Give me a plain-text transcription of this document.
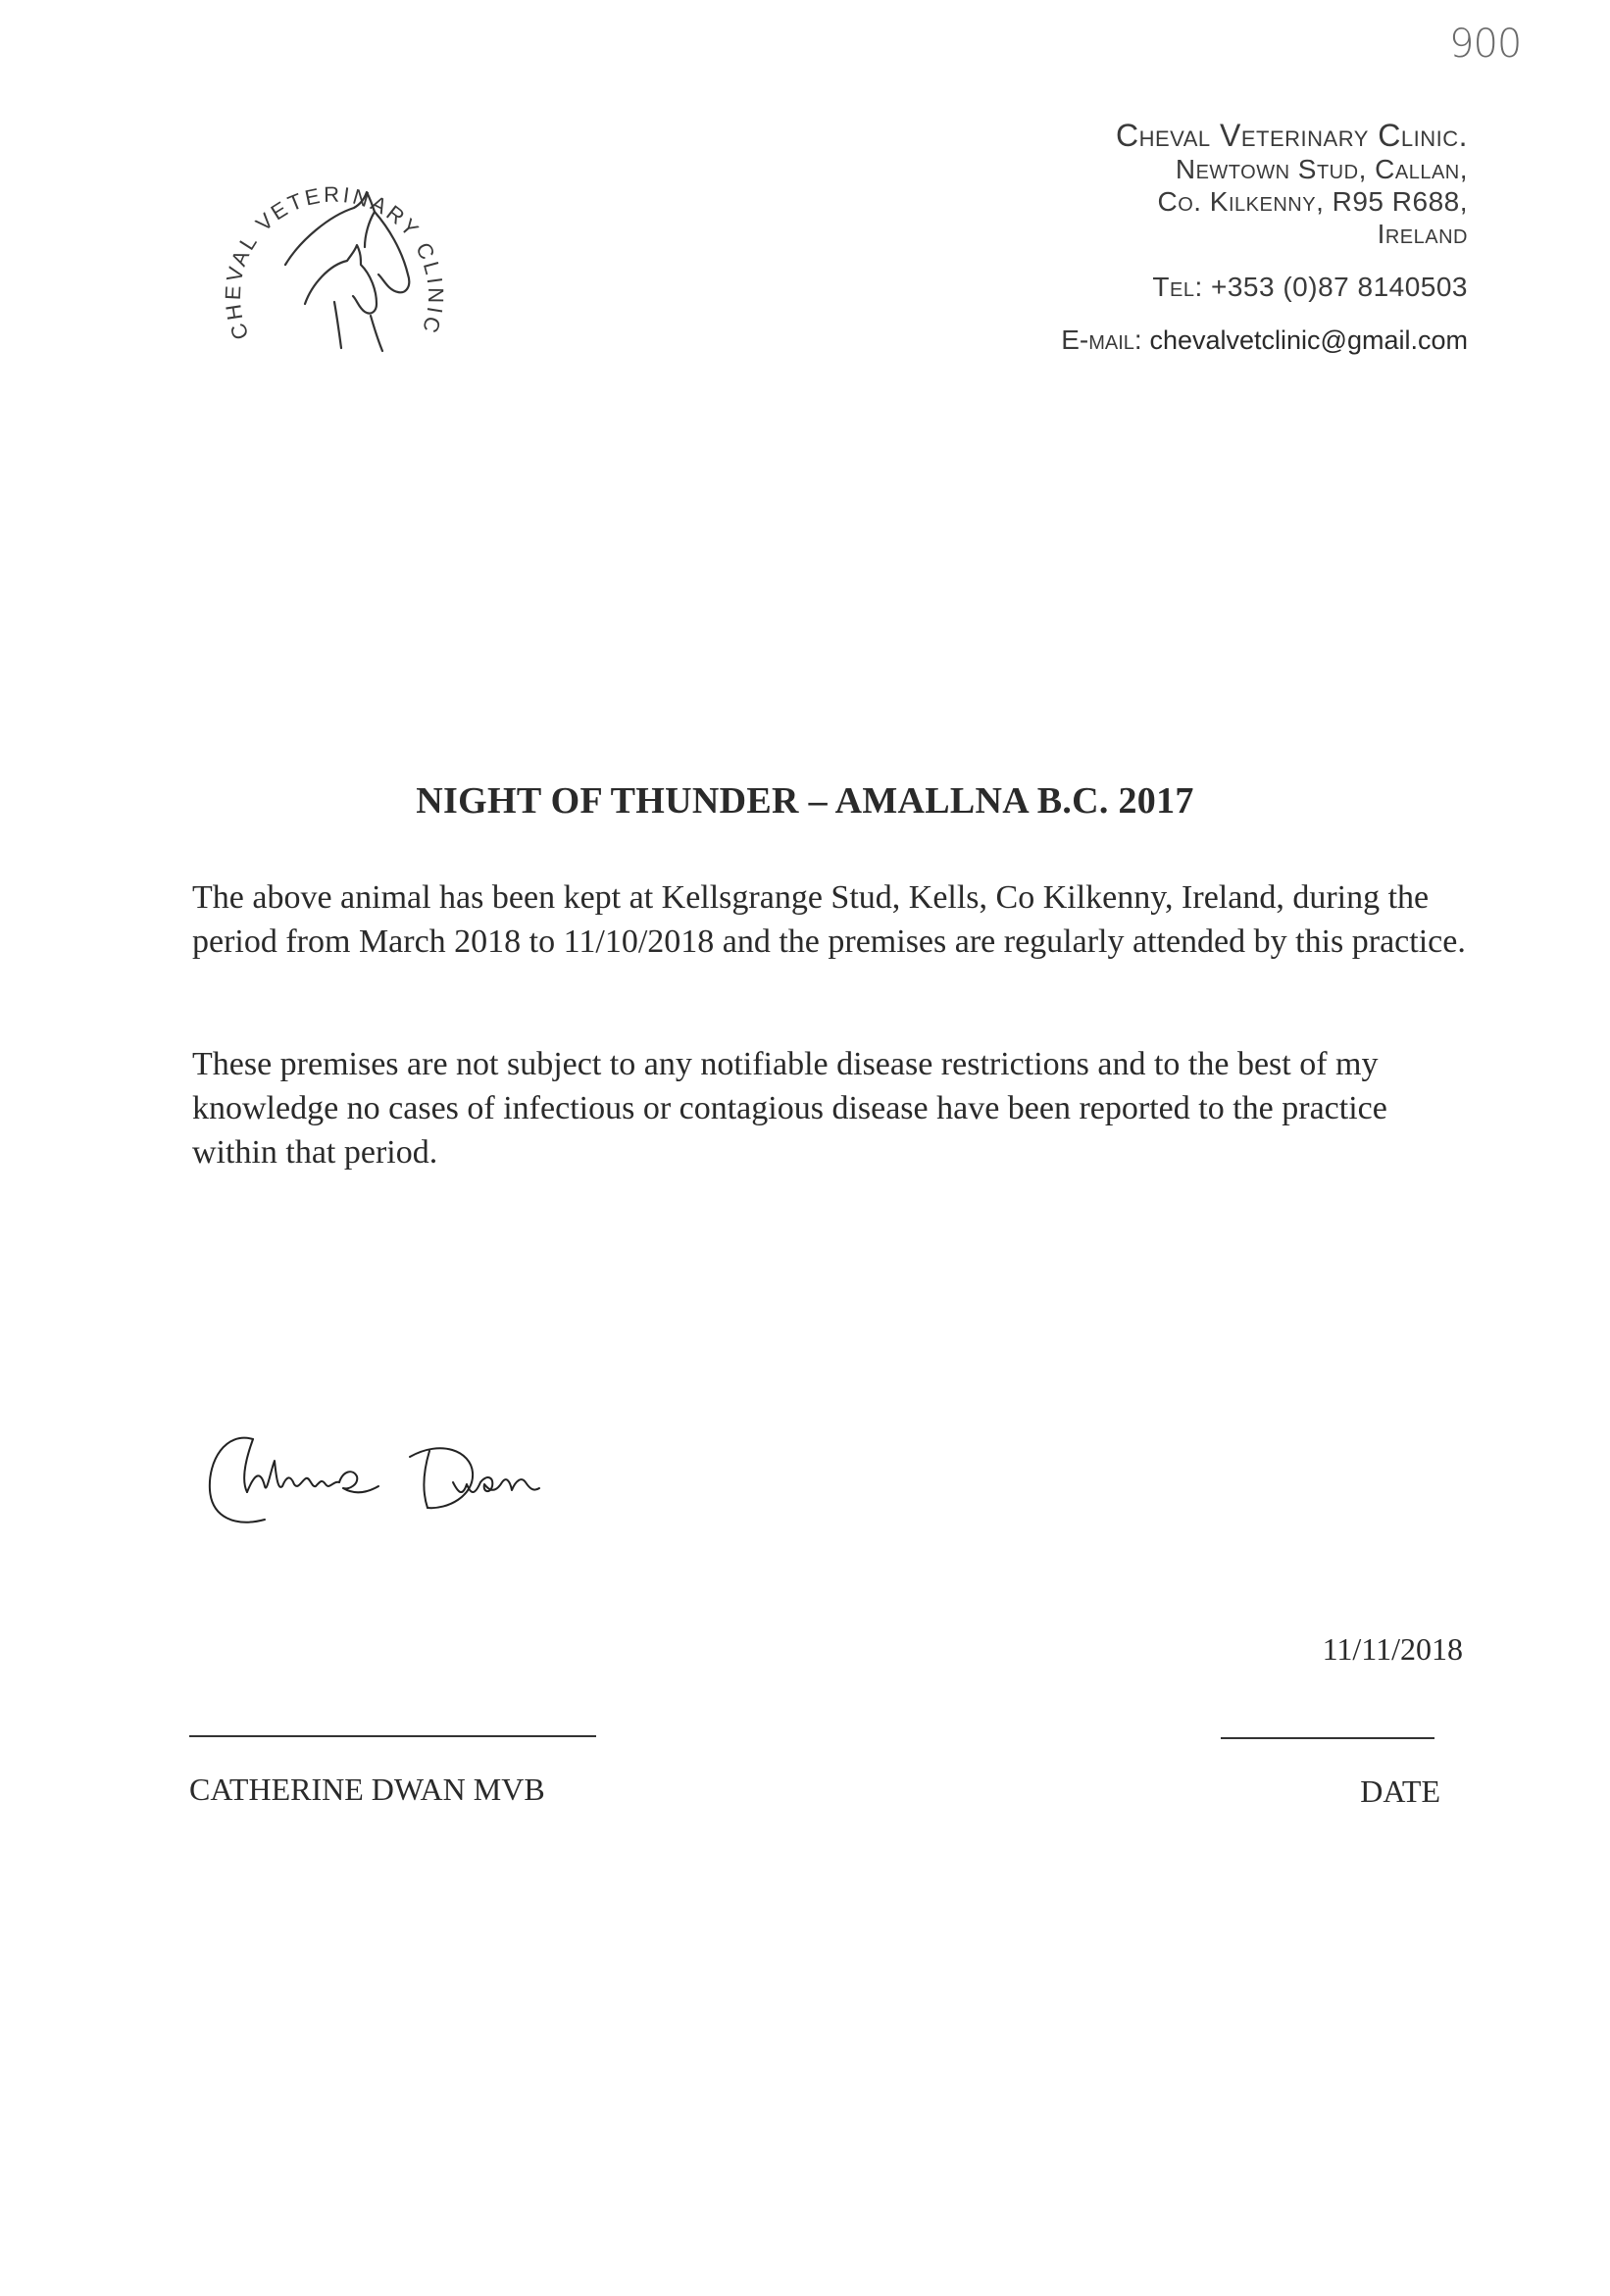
900
CHEVAL VETERINARY CLINIC
Cheval Veterinary Clinic.
Newtown Stud, Callan,
Co. Kilkenny, R95 R688,
Ireland
Tel: +353 (0)87 8140503
E-mail: chevalvetclinic@gmail.com
NIGHT OF THUNDER – AMALLNA B.C. 2017
The above animal has been kept at Kellsgrange Stud, Kells, Co Kilkenny, Ireland, during the period from March 2018 to 11/10/2018 and the premises are regularly attended by this practice.
These premises are not subject to any notifiable disease restrictions and to the best of my knowledge no cases of infectious or contagious disease have been reported to the practice within that period.
11/11/2018
CATHERINE DWAN MVB	DATE
